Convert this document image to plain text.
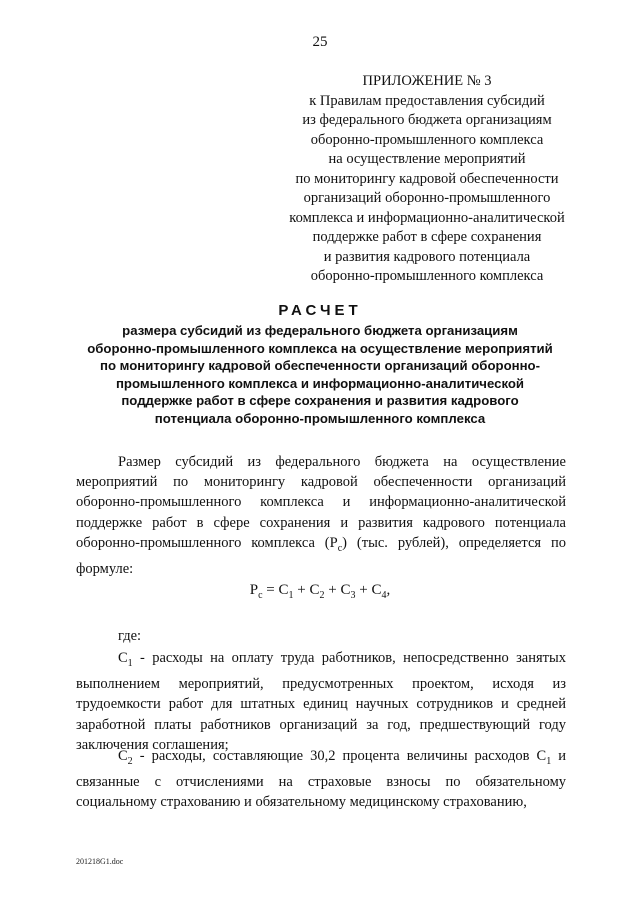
25
ПРИЛОЖЕНИЕ № 3
к Правилам предоставления субсидий
из федерального бюджета организациям
оборонно-промышленного комплекса
на осуществление мероприятий
по мониторингу кадровой обеспеченности
организаций оборонно-промышленного
комплекса и информационно-аналитической
поддержке работ в сфере сохранения
и развития кадрового потенциала
оборонно-промышленного комплекса
РАСЧЕТ
размера субсидий из федерального бюджета организациям
оборонно-промышленного комплекса на осуществление мероприятий
по мониторингу кадровой обеспеченности организаций оборонно-
промышленного комплекса и информационно-аналитической
поддержке работ в сфере сохранения и развития кадрового
потенциала оборонно-промышленного комплекса

Размер субсидий из федерального бюджета на осуществление мероприятий по мониторингу кадровой обеспеченности организаций оборонно-промышленного комплекса и информационно-аналитической поддержке работ в сфере сохранения и развития кадрового потенциала оборонно-промышленного комплекса $(Р_с)$ (тыс. рублей), определяется по формуле:

$Р_с = С_1 + С_2 + С_3 + С_4$,
где:

$С_1$ - расходы на оплату труда работников, непосредственно занятых выполнением мероприятий, предусмотренных проектом, исходя из трудоемкости работ для штатных единиц научных сотрудников и средней заработной платы работников организаций за год, предшествующий году заключения соглашения;

$С_2$ - расходы, составляющие 30,2 процента величины расходов $С_1$ и связанные с отчислениями на страховые взносы по обязательному социальному страхованию и обязательному медицинскому страхованию,

201218G1.doc
